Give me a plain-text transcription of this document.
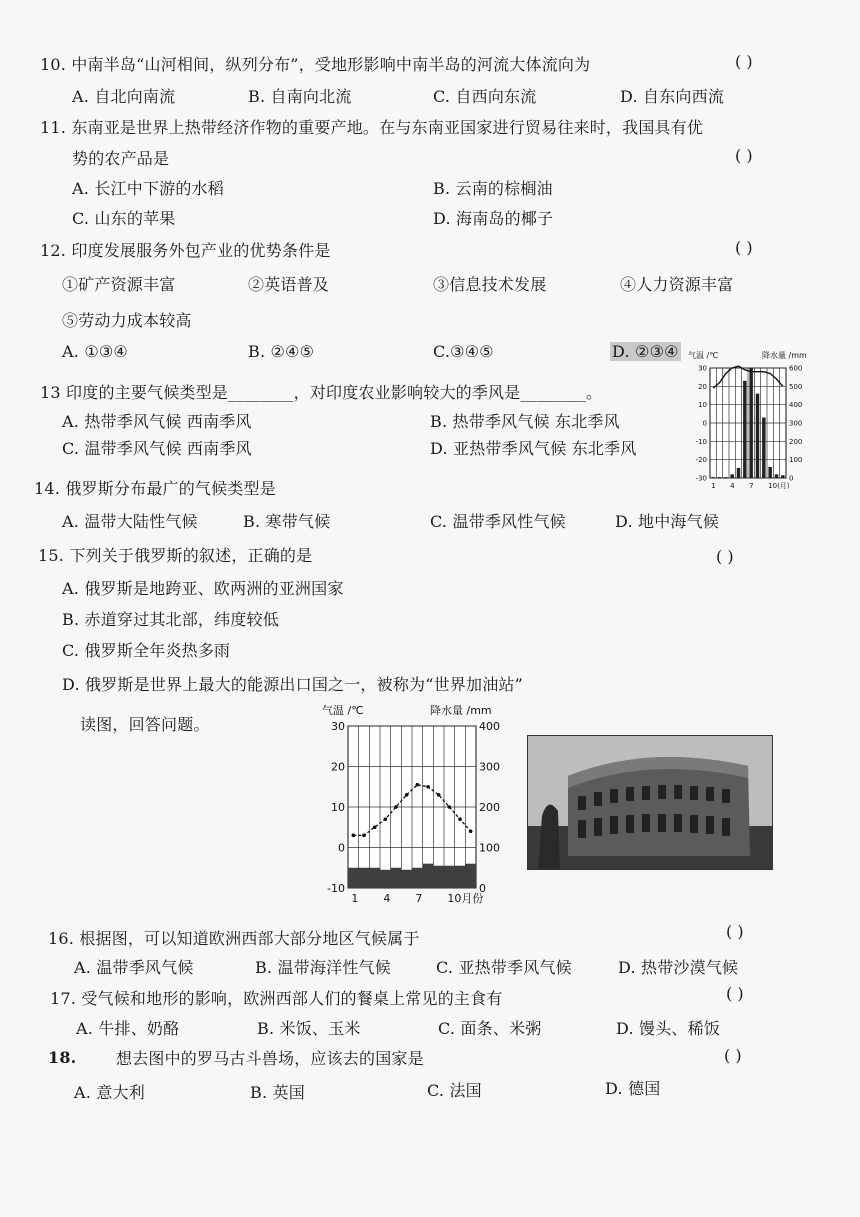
10. 中南半岛“山河相间，纵列分布”，受地形影响中南半岛的河流大体流向为	( )
A. 自北向南流	B. 自南向北流	C. 自西向东流	D. 自东向西流
11. 东南亚是世界上热带经济作物的重要产地。在与东南亚国家进行贸易往来时，我国具有优
势的农产品是	( )
A. 长江中下游的水稻	B. 云南的棕榈油
C. 山东的苹果	D. 海南岛的椰子
12. 印度发展服务外包产业的优势条件是	( )
①矿产资源丰富	②英语普及	③信息技术发展	④人力资源丰富
⑤劳动力成本较高
A. ①③④	B. ②④⑤	C.③④⑤	D. ②③④
13 印度的主要气候类型是________，对印度农业影响较大的季风是________。
A. 热带季风气候 西南季风	B. 热带季风气候 东北季风
C. 温带季风气候 西南季风	D. 亚热带季风气候 东北季风
气温 /℃	降水量 /mm
30	600
20	500
10	400
0	300
-10	200
-20	100
-30	0
1 4 7 10(月)
14. 俄罗斯分布最广的气候类型是
A. 温带大陆性气候	B. 寒带气候	C. 温带季风性气候	D. 地中海气候
15. 下列关于俄罗斯的叙述，正确的是	( )
A. 俄罗斯是地跨亚、欧两洲的亚洲国家
B. 赤道穿过其北部，纬度较低
C. 俄罗斯全年炎热多雨
D. 俄罗斯是世界上最大的能源出口国之一，被称为“世界加油站”
读图，回答问题。
气温 /℃	降水量 /mm
30	400
20	300
10	200
0	100
-10	0
1 4 7 10月份
16. 根据图，可以知道欧洲西部大部分地区气候属于	( )
A. 温带季风气候	B. 温带海洋性气候	C. 亚热带季风气候	D. 热带沙漠气候
17. 受气候和地形的影响，欧洲西部人们的餐桌上常见的主食有	( )
A. 牛排、奶酪	B. 米饭、玉米	C. 面条、米粥	D. 馒头、稀饭
18. 想去图中的罗马古斗兽场，应该去的国家是	( )
A. 意大利	B. 英国	C. 法国	D. 德国
